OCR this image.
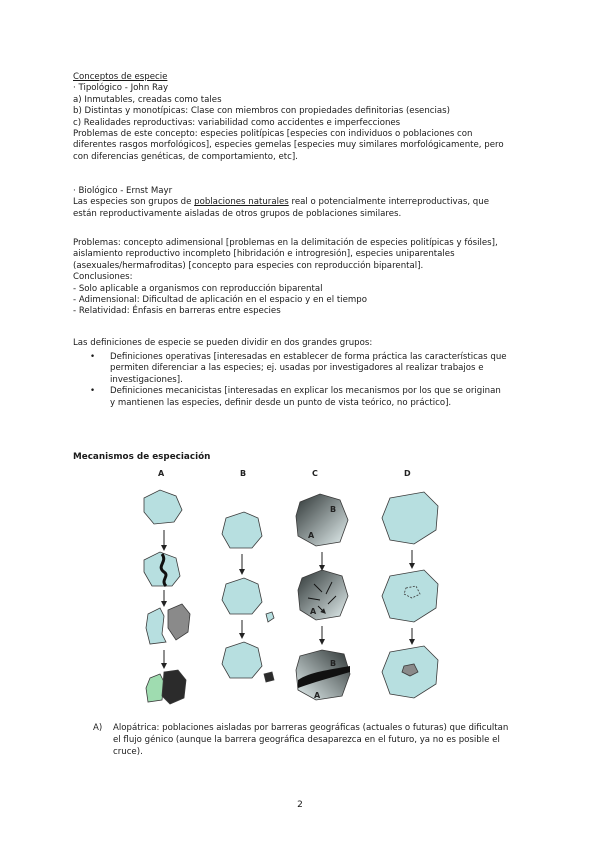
Conceptos de especie
· Tipológico - John Ray
a) Inmutables, creadas como tales
b) Distintas y monotípicas: Clase con miembros con propiedades definitorias (esencias)
c) Realidades reproductivas: variabilidad como accidentes e imperfecciones
Problemas de este concepto: especies politípicas [especies con individuos o poblaciones con
diferentes rasgos morfológicos], especies gemelas [especies muy similares morfológicamente, pero
con diferencias genéticas, de comportamiento, etc].
· Biológico - Ernst Mayr
Las especies son grupos de poblaciones naturales real o potencialmente interreproductivas, que
están reproductivamente aisladas de otros grupos de poblaciones similares.
Problemas: concepto adimensional [problemas en la delimitación de especies politípicas y fósiles],
aislamiento reproductivo incompleto [hibridación e introgresión], especies uniparentales
(asexuales/hermafroditas) [concepto para especies con reproducción biparental].
Conclusiones:
- Solo aplicable a organismos con reproducción biparental
- Adimensional: Dificultad de aplicación en el espacio y en el tiempo
- Relatividad: Énfasis en barreras entre especies
Las definiciones de especie se pueden dividir en dos grandes grupos:
• Definiciones operativas [interesadas en establecer de forma práctica las características que
permiten diferenciar a las especies; ej. usadas por investigadores al realizar trabajos e
investigaciones].
• Definiciones mecanicistas [interesadas en explicar los mecanismos por los que se originan
y mantienen las especies, definir desde un punto de vista teórico, no práctico].
Mecanismos de especiación
A	B	C	D
B
A
A
B
A
A) Alopátrica: poblaciones aisladas por barreras geográficas (actuales o futuras) que dificultan
el flujo génico (aunque la barrera geográfica desaparezca en el futuro, ya no es posible el
cruce).
2
